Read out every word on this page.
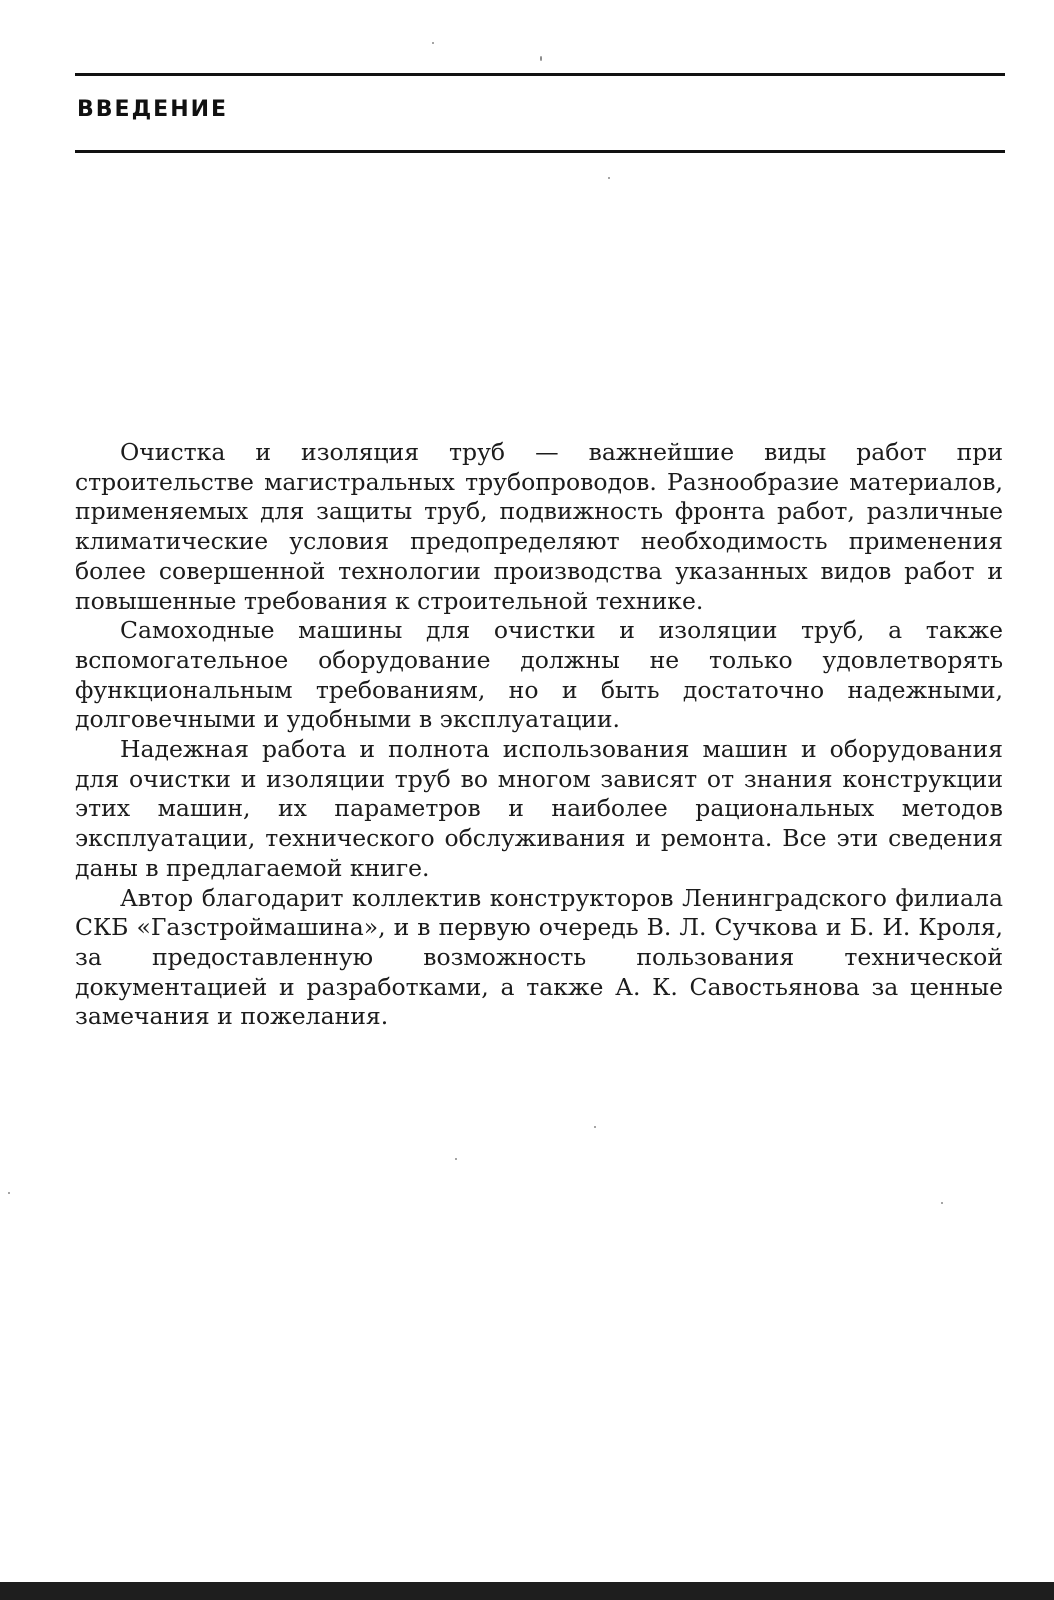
ВВЕДЕНИЕ

Очистка и изоляция труб — важнейшие виды работ при строительстве магистральных трубопроводов. Разнообразие материалов, применяемых для защиты труб, подвижность фронта работ, различные климатические условия предопределяют необходимость применения более совершенной технологии производства указанных видов работ и повышенные требования к строительной технике.

Самоходные машины для очистки и изоляции труб, а также вспомогательное оборудование должны не только удовлетворять функциональным требованиям, но и быть достаточно надежными, долговечными и удобными в эксплуатации.

Надежная работа и полнота использования машин и оборудования для очистки и изоляции труб во многом зависят от знания конструкции этих машин, их параметров и наиболее рациональных методов эксплуатации, технического обслуживания и ремонта. Все эти сведения даны в предлагаемой книге.

Автор благодарит коллектив конструкторов Ленинградского филиала СКБ «Газстроймашина», и в первую очередь В. Л. Сучкова и Б. И. Кроля, за предоставленную возможность пользования технической документацией и разработками, а также А. К. Савостьянова за ценные замечания и пожелания.
